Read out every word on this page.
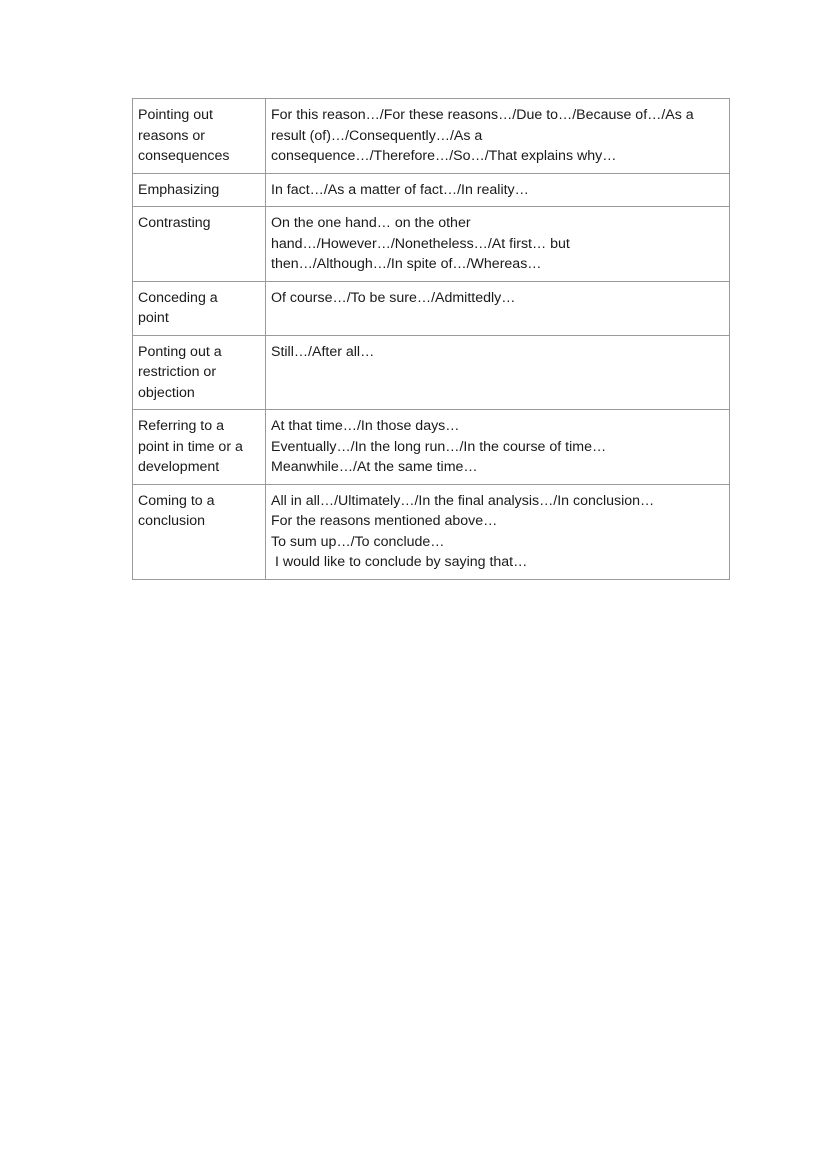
Pointing out
reasons or
consequences	For this reason…/For these reasons…/Due to…/Because of…/As a
result (of)…/Consequently…/As a
consequence…/Therefore…/So…/That explains why…

Emphasizing	In fact…/As a matter of fact…/In reality…

Contrasting	On the one hand… on the other
hand…/However…/Nonetheless…/At first… but
then…/Although…/In spite of…/Whereas…

Conceding a
point	Of course…/To be sure…/Admittedly…

Ponting out a
restriction or
objection	Still…/After all…

Referring to a
point in time or a
development	At that time…/In those days…
Eventually…/In the long run…/In the course of time…
Meanwhile…/At the same time…

Coming to a
conclusion	All in all…/Ultimately…/In the final analysis…/In conclusion…
For the reasons mentioned above…
To sum up…/To conclude…
I would like to conclude by saying that…
